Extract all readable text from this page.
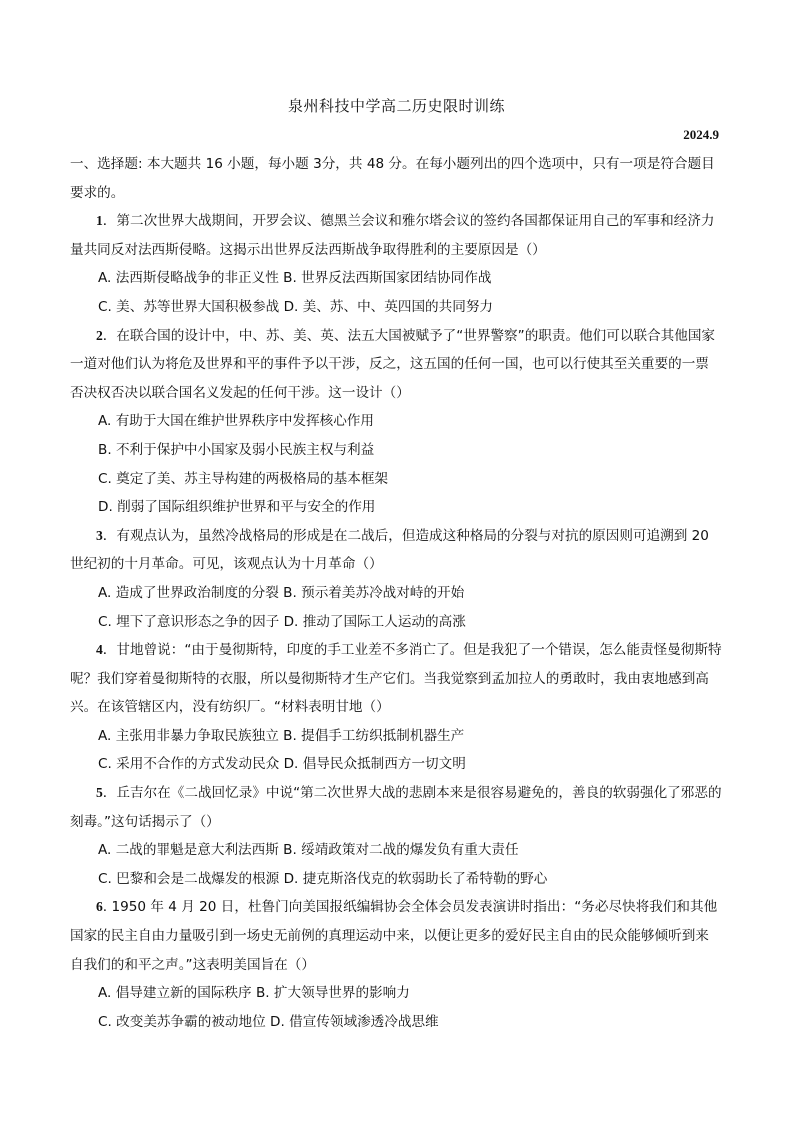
泉州科技中学高二历史限时训练
2024.9

一、选择题: 本大题共 16 小题，每小题 3分，共 48 分。在每小题列出的四个选项中，只有一项是符合题目要求的。

1．第二次世界大战期间，开罗会议、德黑兰会议和雅尔塔会议的签约各国都保证用自己的军事和经济力量共同反对法西斯侵略。这揭示出世界反法西斯战争取得胜利的主要原因是（）

A. 法西斯侵略战争的非正义性 B. 世界反法西斯国家团结协同作战

C. 美、苏等世界大国积极参战 D. 美、苏、中、英四国的共同努力

2．在联合国的设计中，中、苏、美、英、法五大国被赋予了“世界警察”的职责。他们可以联合其他国家一道对他们认为将危及世界和平的事件予以干涉，反之，这五国的任何一国，也可以行使其至关重要的一票否决权否决以联合国名义发起的任何干涉。这一设计（）

A. 有助于大国在维护世界秩序中发挥核心作用

B. 不利于保护中小国家及弱小民族主权与利益

C. 奠定了美、苏主导构建的两极格局的基本框架

D. 削弱了国际组织维护世界和平与安全的作用

3．有观点认为，虽然冷战格局的形成是在二战后，但造成这种格局的分裂与对抗的原因则可追溯到 20 世纪初的十月革命。可见，该观点认为十月革命（）

A. 造成了世界政治制度的分裂 B. 预示着美苏冷战对峙的开始

C. 埋下了意识形态之争的因子 D. 推动了国际工人运动的高涨

4．甘地曾说：“由于曼彻斯特，印度的手工业差不多消亡了。但是我犯了一个错误，怎么能责怪曼彻斯特呢？我们穿着曼彻斯特的衣服，所以曼彻斯特才生产它们。当我觉察到孟加拉人的勇敢时，我由衷地感到高兴。在该管辖区内，没有纺织厂。“材料表明甘地（）

A. 主张用非暴力争取民族独立 B. 提倡手工纺织抵制机器生产

C. 采用不合作的方式发动民众 D. 倡导民众抵制西方一切文明

5．丘吉尔在《二战回忆录》中说“第二次世界大战的悲剧本来是很容易避免的，善良的软弱强化了邪恶的刻毒。”这句话揭示了（）

A. 二战的罪魁是意大利法西斯 B. 绥靖政策对二战的爆发负有重大责任

C. 巴黎和会是二战爆发的根源 D. 捷克斯洛伐克的软弱助长了希特勒的野心

6. 1950 年 4 月 20 日，杜鲁门向美国报纸编辑协会全体会员发表演讲时指出：“务必尽快将我们和其他国家的民主自由力量吸引到一场史无前例的真理运动中来，以便让更多的爱好民主自由的民众能够倾听到来自我们的和平之声。”这表明美国旨在（）

A. 倡导建立新的国际秩序 B. 扩大领导世界的影响力

C. 改变美苏争霸的被动地位 D. 借宣传领域渗透冷战思维
